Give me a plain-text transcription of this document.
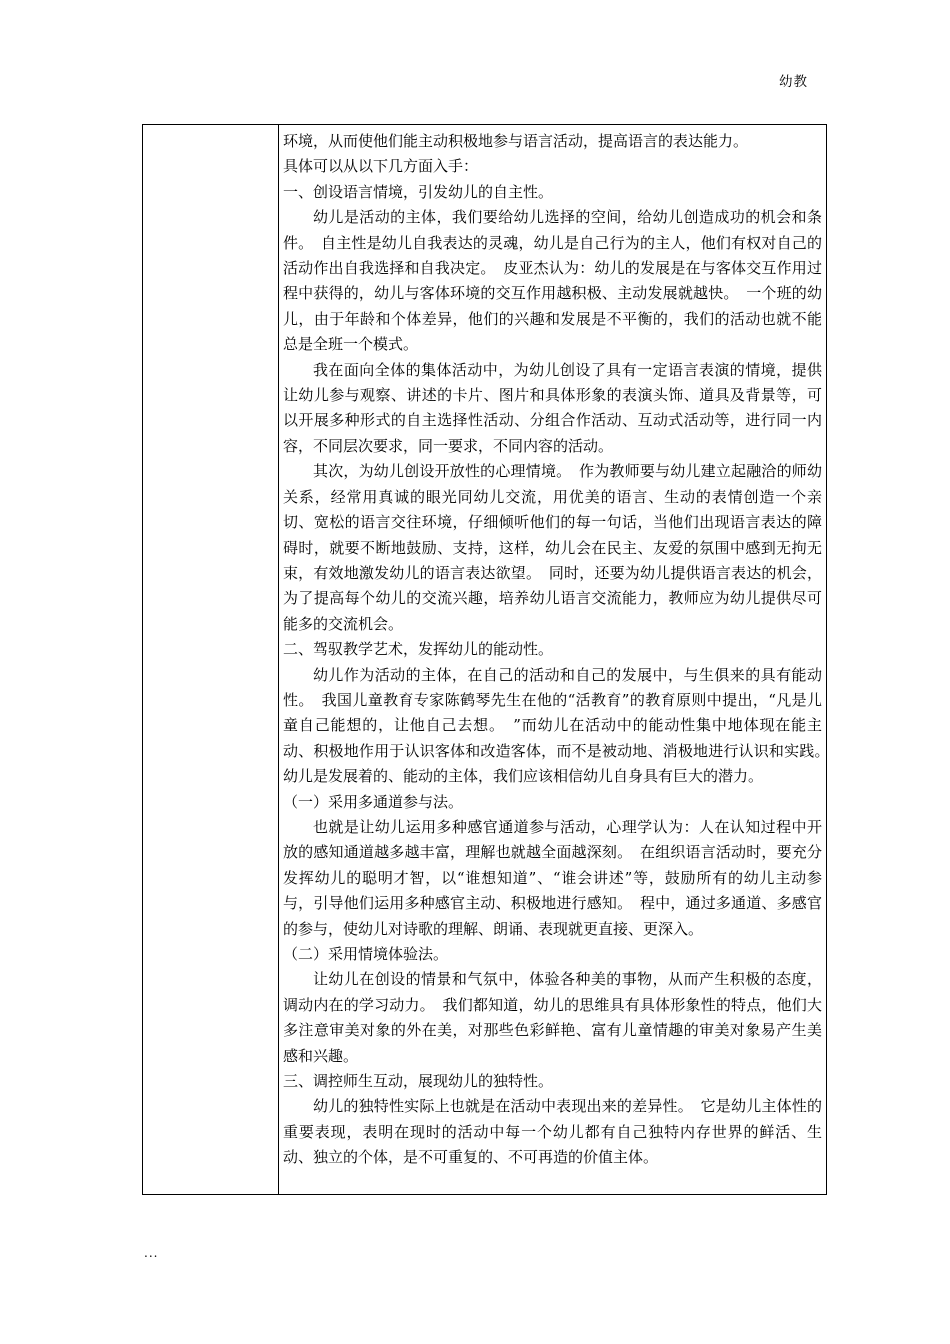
幼教

环境，从而使他们能主动积极地参与语言活动，提高语言的表达能力。

具体可以从以下几方面入手：

一、创设语言情境，引发幼儿的自主性。

幼儿是活动的主体，我们要给幼儿选择的空间，给幼儿创造成功的机会和条件。　自主性是幼儿自我表达的灵魂，幼儿是自己行为的主人，他们有权对自己的活动作出自我选择和自我决定。　皮亚杰认为：幼儿的发展是在与客体交互作用过程中获得的，幼儿与客体环境的交互作用越积极、主动发展就越快。　一个班的幼儿，由于年龄和个体差异，他们的兴趣和发展是不平衡的，我们的活动也就不能总是全班一个模式。

我在面向全体的集体活动中，为幼儿创设了具有一定语言表演的情境，提供让幼儿参与观察、讲述的卡片、图片和具体形象的表演头饰、道具及背景等，可以开展多种形式的自主选择性活动、分组合作活动、互动式活动等，进行同一内容，不同层次要求，同一要求，不同内容的活动。

其次，为幼儿创设开放性的心理情境。　作为教师要与幼儿建立起融洽的师幼关系，经常用真诚的眼光同幼儿交流，用优美的语言、生动的表情创造一个亲切、宽松的语言交往环境，仔细倾听他们的每一句话，当他们出现语言表达的障碍时，就要不断地鼓励、支持，这样，幼儿会在民主、友爱的氛围中感到无拘无束，有效地激发幼儿的语言表达欲望。　同时，还要为幼儿提供语言表达的机会，为了提高每个幼儿的交流兴趣，培养幼儿语言交流能力，教师应为幼儿提供尽可能多的交流机会。

二、驾驭教学艺术，发挥幼儿的能动性。

幼儿作为活动的主体，在自己的活动和自己的发展中，与生俱来的具有能动性。　我国儿童教育专家陈鹤琴先生在他的“活教育”的教育原则中提出，“凡是儿童自己能想的，让他自己去想。　”而幼儿在活动中的能动性集中地体现在能主动、积极地作用于认识客体和改造客体，而不是被动地、消极地进行认识和实践。　幼儿是发展着的、能动的主体，我们应该相信幼儿自身具有巨大的潜力。

（一）采用多通道参与法。

也就是让幼儿运用多种感官通道参与活动，心理学认为：人在认知过程中开放的感知通道越多越丰富，理解也就越全面越深刻。　在组织语言活动时，要充分发挥幼儿的聪明才智，以“谁想知道”、“谁会讲述”等，鼓励所有的幼儿主动参与，引导他们运用多种感官主动、积极地进行感知。　程中，通过多通道、多感官的参与，使幼儿对诗歌的理解、朗诵、表现就更直接、更深入。

（二）采用情境体验法。

让幼儿在创设的情景和气氛中，体验各种美的事物，从而产生积极的态度，调动内在的学习动力。　我们都知道，幼儿的思维具有具体形象性的特点，他们大多注意审美对象的外在美，对那些色彩鲜艳、富有儿童情趣的审美对象易产生美感和兴趣。

三、调控师生互动，展现幼儿的独特性。

幼儿的独特性实际上也就是在活动中表现出来的差异性。　它是幼儿主体性的重要表现，表明在现时的活动中每一个幼儿都有自己独特内存世界的鲜活、生动、独立的个体，是不可重复的、不可再造的价值主体。

...
